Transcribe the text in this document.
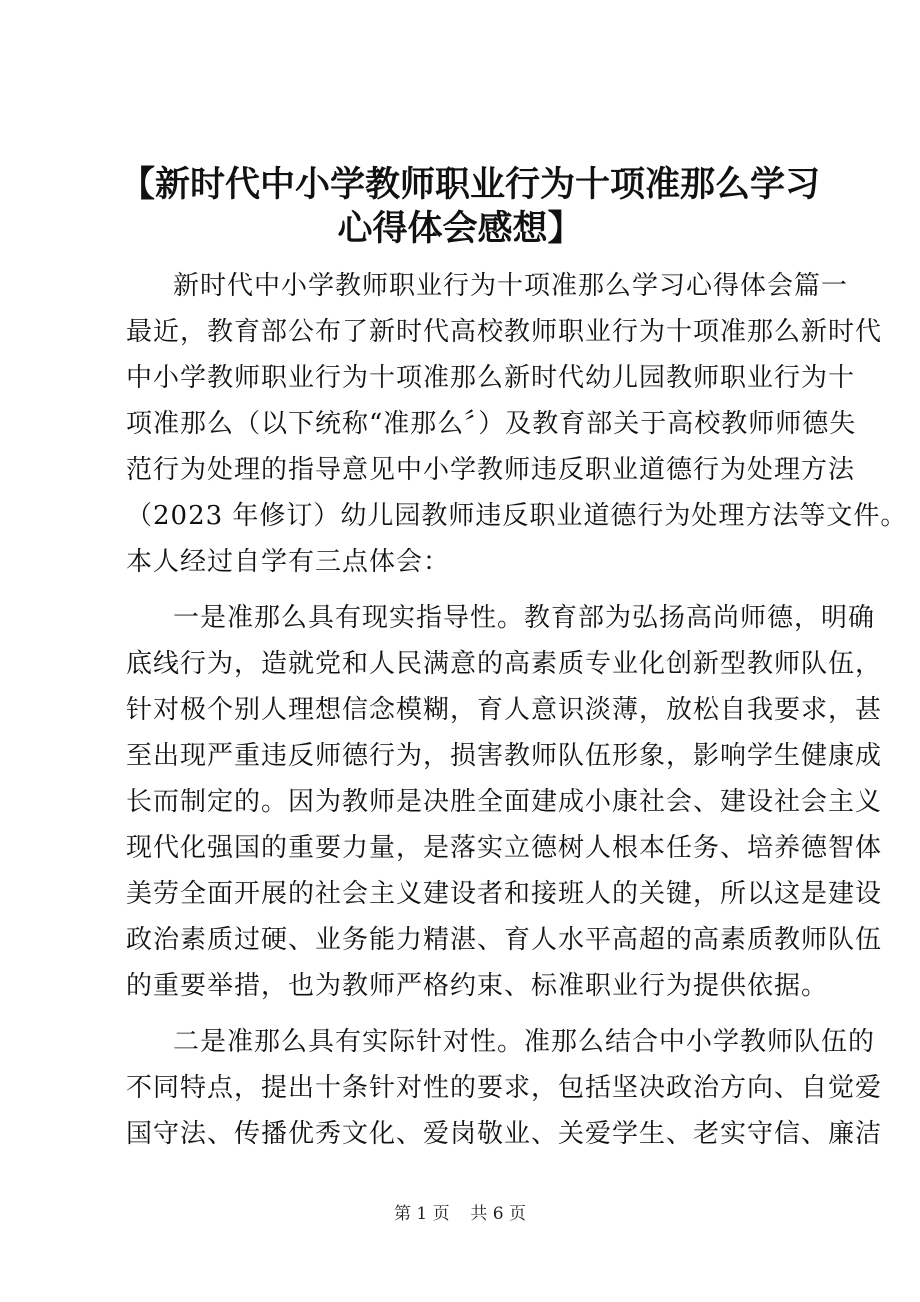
【新时代中小学教师职业行为十项准那么学习
心得体会感想】
新时代中小学教师职业行为十项准那么学习心得体会篇一
最近，教育部公布了新时代高校教师职业行为十项准那么新时代
中小学教师职业行为十项准那么新时代幼儿园教师职业行为十
项准那么（以下统称“准那么〞）及教育部关于高校教师师德失
范行为处理的指导意见中小学教师违反职业道德行为处理方法
（2023 年修订）幼儿园教师违反职业道德行为处理方法等文件。
本人经过自学有三点体会：
一是准那么具有现实指导性。教育部为弘扬高尚师德，明确
底线行为，造就党和人民满意的高素质专业化创新型教师队伍，
针对极个别人理想信念模糊，育人意识淡薄，放松自我要求，甚
至出现严重违反师德行为，损害教师队伍形象，影响学生健康成
长而制定的。因为教师是决胜全面建成小康社会、建设社会主义
现代化强国的重要力量，是落实立德树人根本任务、培养德智体
美劳全面开展的社会主义建设者和接班人的关键，所以这是建设
政治素质过硬、业务能力精湛、育人水平高超的高素质教师队伍
的重要举措，也为教师严格约束、标准职业行为提供依据。
二是准那么具有实际针对性。准那么结合中小学教师队伍的
不同特点，提出十条针对性的要求，包括坚决政治方向、自觉爱
国守法、传播优秀文化、爱岗敬业、关爱学生、老实守信、廉洁
第 1 页 共 6 页
